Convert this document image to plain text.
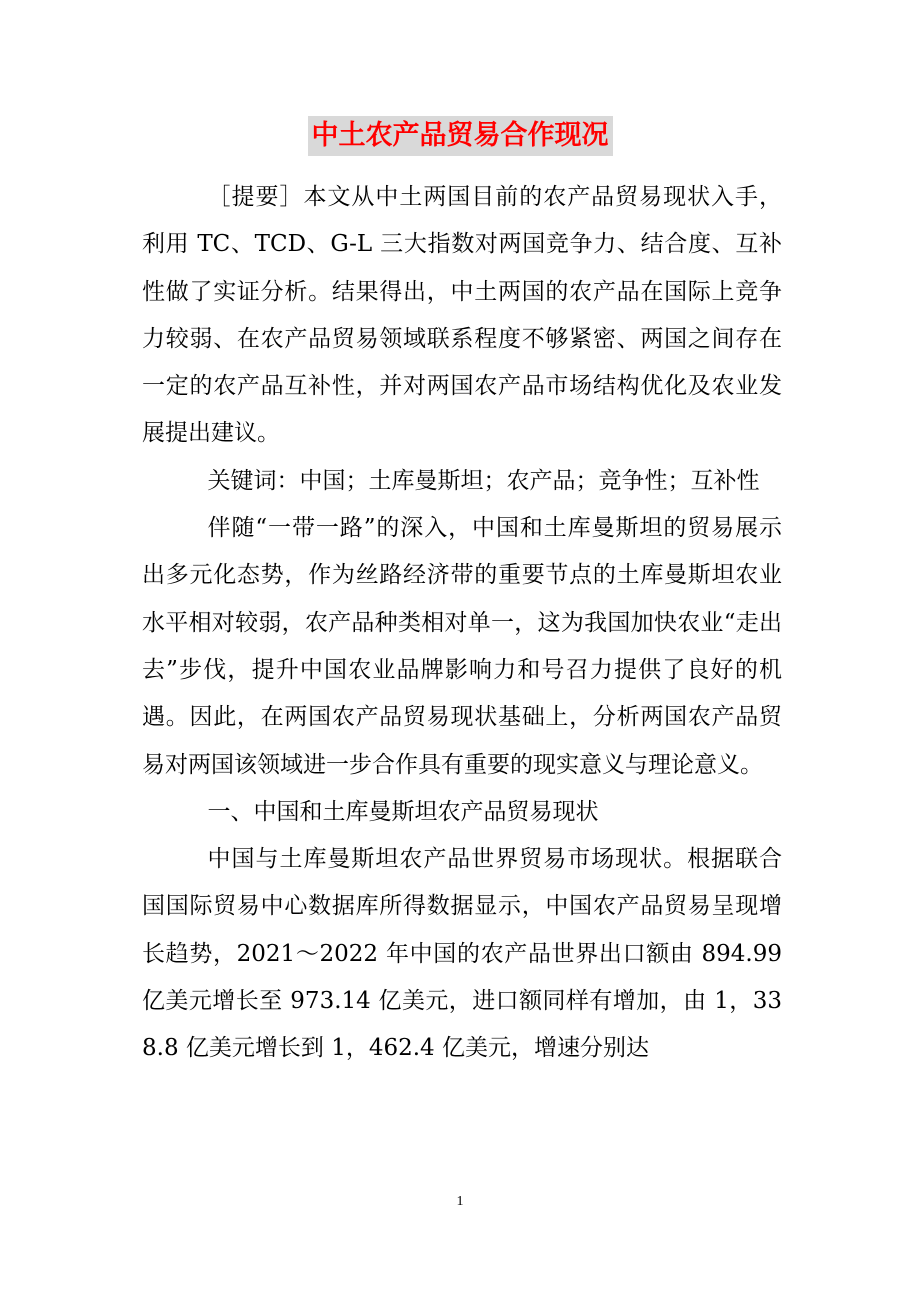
中土农产品贸易合作现况

［提要］本文从中土两国目前的农产品贸易现状入手，利用 TC、TCD、G-L 三大指数对两国竞争力、结合度、互补性做了实证分析。结果得出，中土两国的农产品在国际上竞争力较弱、在农产品贸易领域联系程度不够紧密、两国之间存在一定的农产品互补性，并对两国农产品市场结构优化及农业发展提出建议。

关键词：中国；土库曼斯坦；农产品；竞争性；互补性

伴随“一带一路”的深入，中国和土库曼斯坦的贸易展示出多元化态势，作为丝路经济带的重要节点的土库曼斯坦农业水平相对较弱，农产品种类相对单一，这为我国加快农业“走出去”步伐，提升中国农业品牌影响力和号召力提供了良好的机遇。因此，在两国农产品贸易现状基础上，分析两国农产品贸易对两国该领域进一步合作具有重要的现实意义与理论意义。

一、中国和土库曼斯坦农产品贸易现状

中国与土库曼斯坦农产品世界贸易市场现状。根据联合国国际贸易中心数据库所得数据显示，中国农产品贸易呈现增长趋势，2021～2022 年中国的农产品世界出口额由 894.99 亿美元增长至 973.14 亿美元，进口额同样有增加，由 1，338.8 亿美元增长到 1，462.4 亿美元，增速分别达

1
